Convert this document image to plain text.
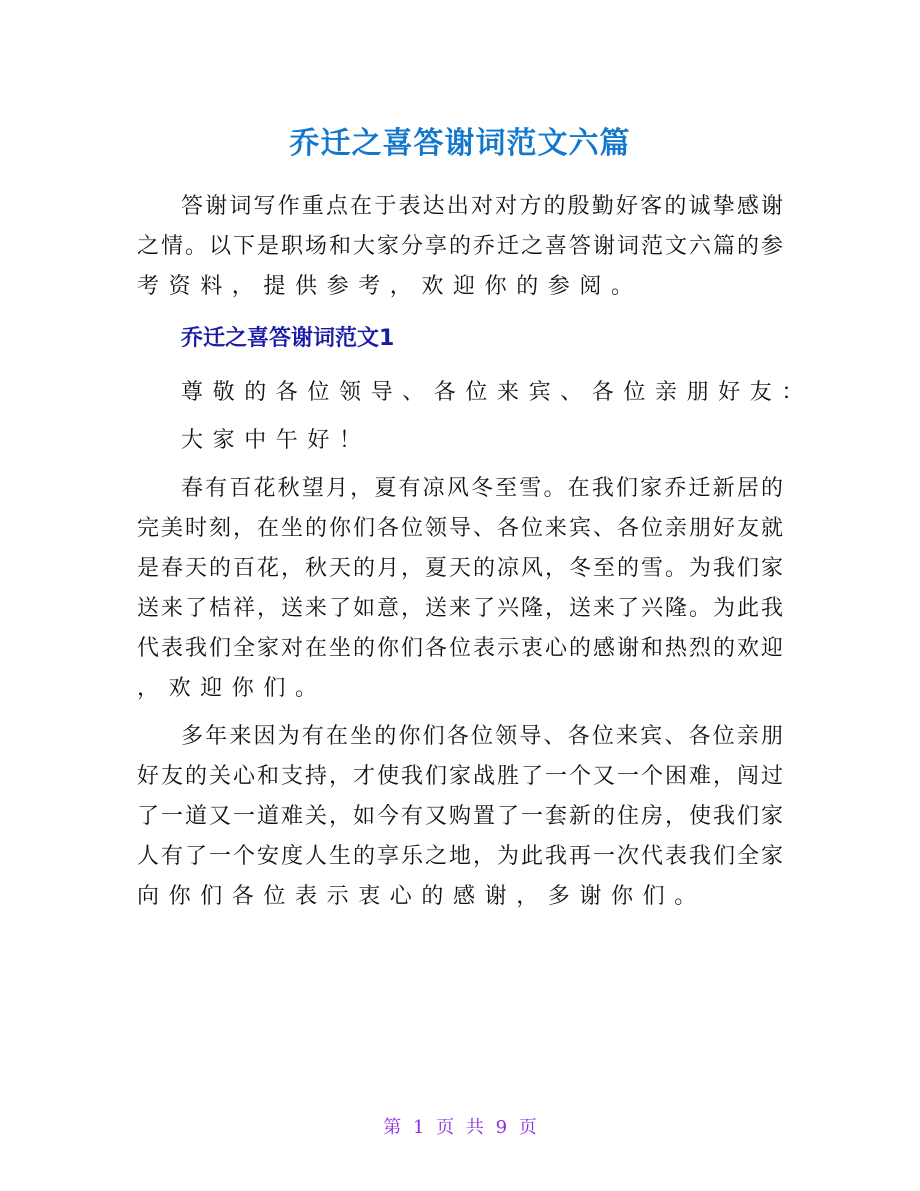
乔迁之喜答谢词范文六篇
答谢词写作重点在于表达出对对方的殷勤好客的诚挚感谢
之情。以下是职场和大家分享的乔迁之喜答谢词范文六篇的参
考资料，提供参考，欢迎你的参阅。
乔迁之喜答谢词范文1
尊敬的各位领导、各位来宾、各位亲朋好友：
大家中午好！
春有百花秋望月，夏有凉风冬至雪。在我们家乔迁新居的
完美时刻，在坐的你们各位领导、各位来宾、各位亲朋好友就
是春天的百花，秋天的月，夏天的凉风，冬至的雪。为我们家
送来了桔祥，送来了如意，送来了兴隆，送来了兴隆。为此我
代表我们全家对在坐的你们各位表示衷心的感谢和热烈的欢迎
，欢迎你们。
多年来因为有在坐的你们各位领导、各位来宾、各位亲朋
好友的关心和支持，才使我们家战胜了一个又一个困难，闯过
了一道又一道难关，如今有又购置了一套新的住房，使我们家
人有了一个安度人生的享乐之地，为此我再一次代表我们全家
向你们各位表示衷心的感谢，多谢你们。
第 1 页 共 9 页
